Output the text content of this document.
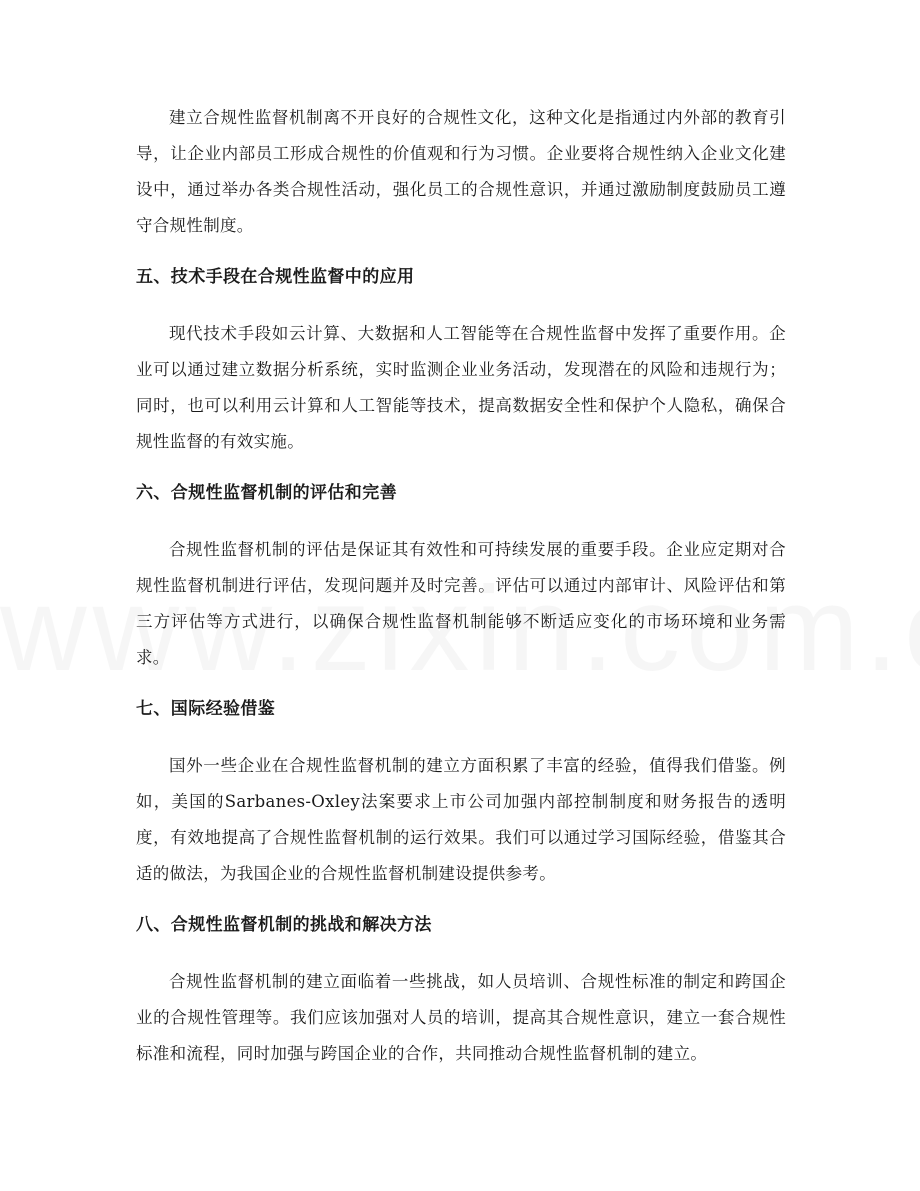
建立合规性监督机制离不开良好的合规性文化，这种文化是指通过内外部的教育引导，让企业内部员工形成合规性的价值观和行为习惯。企业要将合规性纳入企业文化建设中，通过举办各类合规性活动，强化员工的合规性意识，并通过激励制度鼓励员工遵守合规性制度。

五、技术手段在合规性监督中的应用

现代技术手段如云计算、大数据和人工智能等在合规性监督中发挥了重要作用。企业可以通过建立数据分析系统，实时监测企业业务活动，发现潜在的风险和违规行为；同时，也可以利用云计算和人工智能等技术，提高数据安全性和保护个人隐私，确保合规性监督的有效实施。

六、合规性监督机制的评估和完善

合规性监督机制的评估是保证其有效性和可持续发展的重要手段。企业应定期对合规性监督机制进行评估，发现问题并及时完善。评估可以通过内部审计、风险评估和第三方评估等方式进行，以确保合规性监督机制能够不断适应变化的市场环境和业务需求。

七、国际经验借鉴

国外一些企业在合规性监督机制的建立方面积累了丰富的经验，值得我们借鉴。例如，美国的Sarbanes-Oxley法案要求上市公司加强内部控制制度和财务报告的透明度，有效地提高了合规性监督机制的运行效果。我们可以通过学习国际经验，借鉴其合适的做法，为我国企业的合规性监督机制建设提供参考。

八、合规性监督机制的挑战和解决方法

合规性监督机制的建立面临着一些挑战，如人员培训、合规性标准的制定和跨国企业的合规性管理等。我们应该加强对人员的培训，提高其合规性意识，建立一套合规性标准和流程，同时加强与跨国企业的合作，共同推动合规性监督机制的建立。
